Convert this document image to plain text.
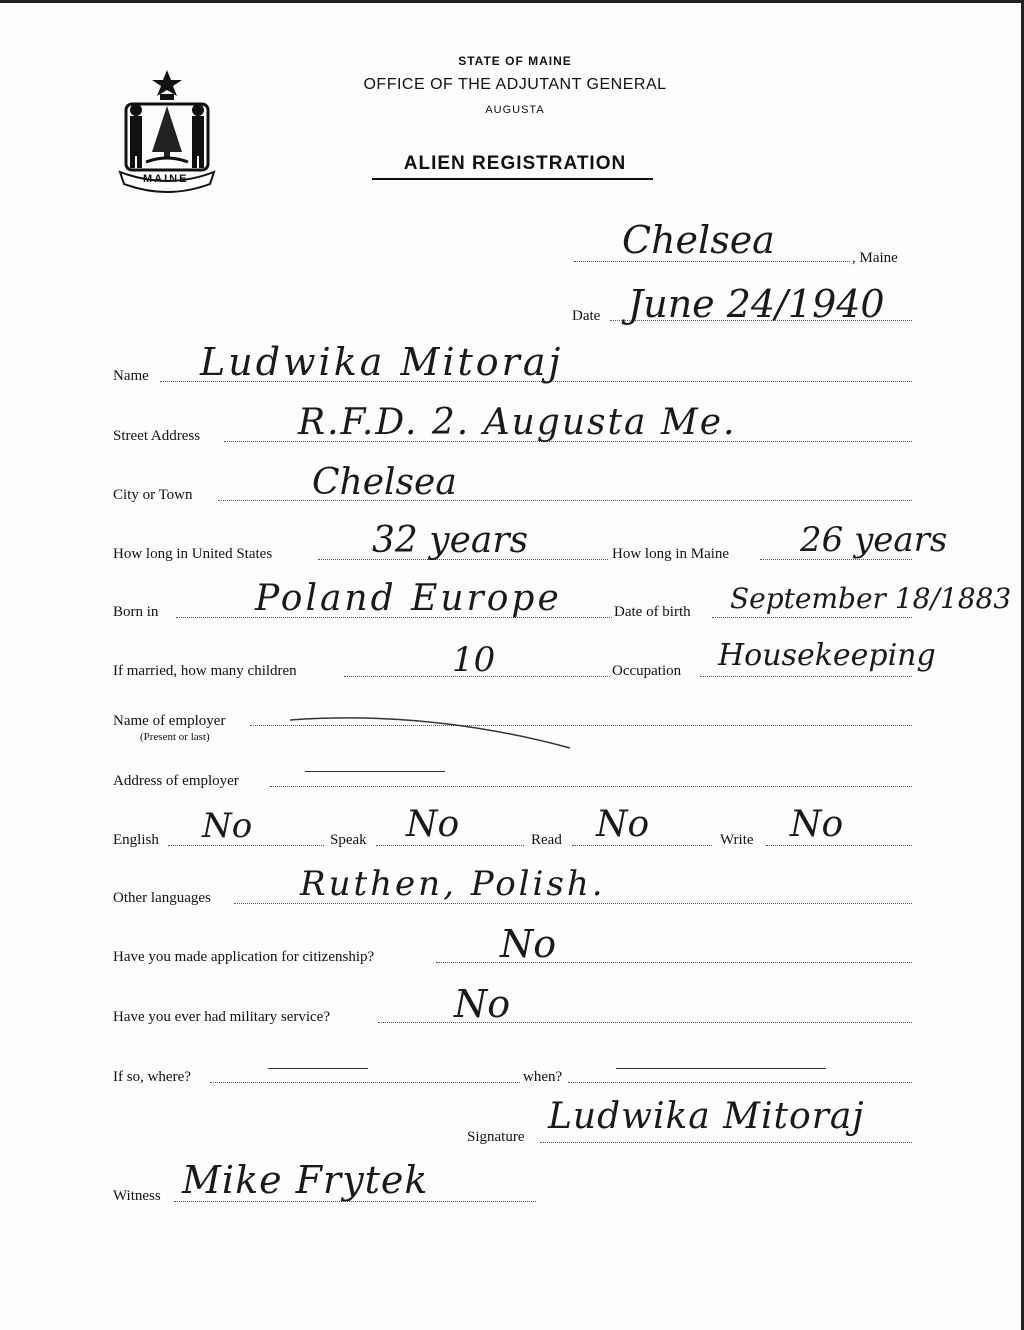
MAINE
STATE OF MAINE
OFFICE OF THE ADJUTANT GENERAL
AUGUSTA
ALIEN REGISTRATION
Chelsea	, Maine
Date June 24/1940
Name Ludwika Mitoraj
Street Address	R.F.D. 2. Augusta Me.
City or Town	Chelsea
How long in United States	32 years	How long in Maine 26 years
Born in	Poland Europe	Date of birth September 18/1883
If married, how many children	10	Occupation Housekeeping
Name of employer
(Present or last)
Address of employer
English No	Speak No	Read No	Write No
Other languages	Ruthen, Polish.
Have you made application for citizenship?	No
Have you ever had military service?	No
If so, where?	when?
Signature Ludwika Mitoraj
Witness Mike Frytek
